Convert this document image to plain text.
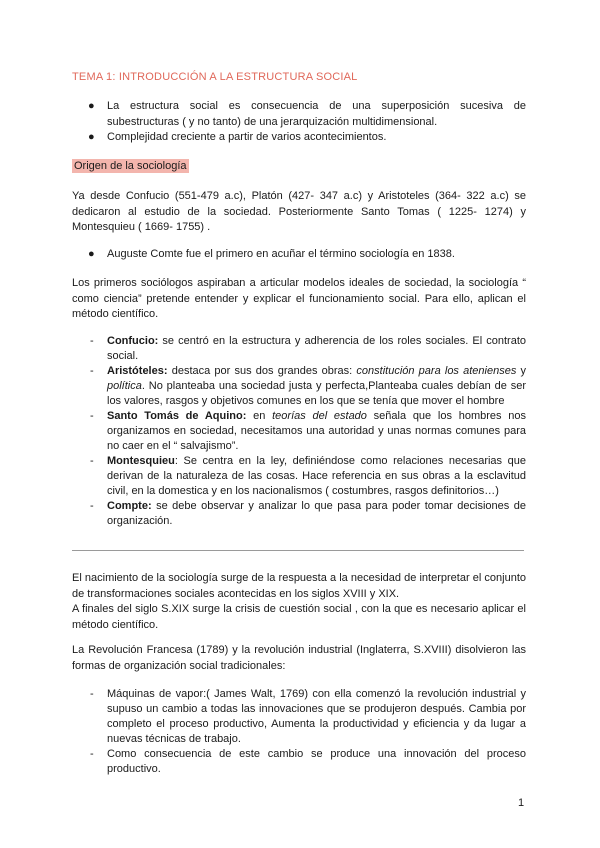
TEMA 1: INTRODUCCIÓN A LA ESTRUCTURA SOCIAL
● La estructura social es consecuencia de una superposición sucesiva de subestructuras ( y no tanto) de una jerarquización multidimensional.
● Complejidad creciente a partir de varios acontecimientos.
Origen de la sociología
Ya desde Confucio (551-479 a.c), Platón (427- 347 a.c) y Aristoteles (364- 322 a.c) se dedicaron al estudio de la sociedad. Posteriormente Santo Tomas ( 1225- 1274) y Montesquieu ( 1669- 1755) .
● Auguste Comte fue el primero en acuñar el término sociología en 1838.
Los primeros sociólogos aspiraban a articular modelos ideales de sociedad, la sociología “ como ciencia” pretende entender y explicar el funcionamiento social. Para ello, aplican el método científico.
- Confucio: se centró en la estructura y adherencia de los roles sociales. El contrato social.
- Aristóteles: destaca por sus dos grandes obras: constitución para los atenienses y política. No planteaba una sociedad justa y perfecta,Planteaba cuales debían de ser los valores, rasgos y objetivos comunes en los que se tenía que mover el hombre
- Santo Tomás de Aquino: en teorías del estado señala que los hombres nos organizamos en sociedad, necesitamos una autoridad y unas normas comunes para no caer en el “ salvajismo”.
- Montesquieu: Se centra en la ley, definiéndose como relaciones necesarias que derivan de la naturaleza de las cosas. Hace referencia en sus obras a la esclavitud civil, en la domestica y en los nacionalismos ( costumbres, rasgos definitorios…)
- Compte: se debe observar y analizar lo que pasa para poder tomar decisiones de organización.
El nacimiento de la sociología surge de la respuesta a la necesidad de interpretar el conjunto de transformaciones sociales acontecidas en los siglos XVIII y XIX.
A finales del siglo S.XIX surge la crisis de cuestión social , con la que es necesario aplicar el método científico.
La Revolución Francesa (1789) y la revolución industrial (Inglaterra, S.XVIII) disolvieron las formas de organización social tradicionales:
- Máquinas de vapor:( James Walt, 1769) con ella comenzó la revolución industrial y supuso un cambio a todas las innovaciones que se produjeron después. Cambia por completo el proceso productivo, Aumenta la productividad y eficiencia y da lugar a nuevas técnicas de trabajo.
- Como consecuencia de este cambio se produce una innovación del proceso productivo.
1
